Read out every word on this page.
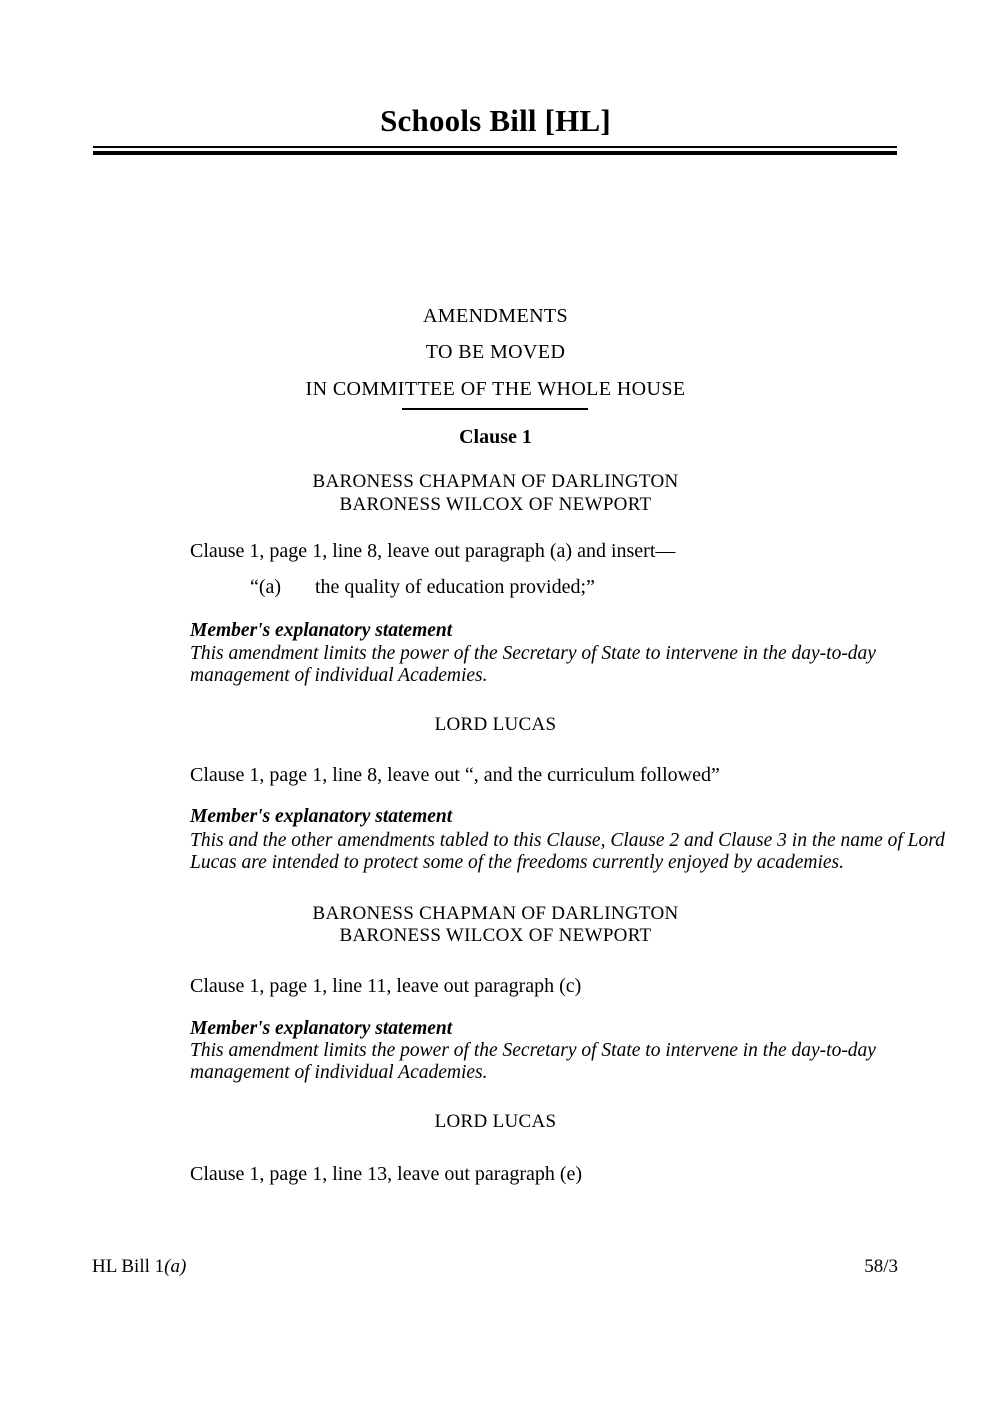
Schools Bill [HL]
AMENDMENTS
TO BE MOVED
IN COMMITTEE OF THE WHOLE HOUSE
Clause 1
BARONESS CHAPMAN OF DARLINGTON
BARONESS WILCOX OF NEWPORT
Clause 1, page 1, line 8, leave out paragraph (a) and insert—
“(a) the quality of education provided;”
Member's explanatory statement
This amendment limits the power of the Secretary of State to intervene in the day-to-day
management of individual Academies.
LORD LUCAS
Clause 1, page 1, line 8, leave out “, and the curriculum followed”
Member's explanatory statement
This and the other amendments tabled to this Clause, Clause 2 and Clause 3 in the name of Lord
Lucas are intended to protect some of the freedoms currently enjoyed by academies.
BARONESS CHAPMAN OF DARLINGTON
BARONESS WILCOX OF NEWPORT
Clause 1, page 1, line 11, leave out paragraph (c)
Member's explanatory statement
This amendment limits the power of the Secretary of State to intervene in the day-to-day
management of individual Academies.
LORD LUCAS
Clause 1, page 1, line 13, leave out paragraph (e)
HL Bill 1(a)	58/3
